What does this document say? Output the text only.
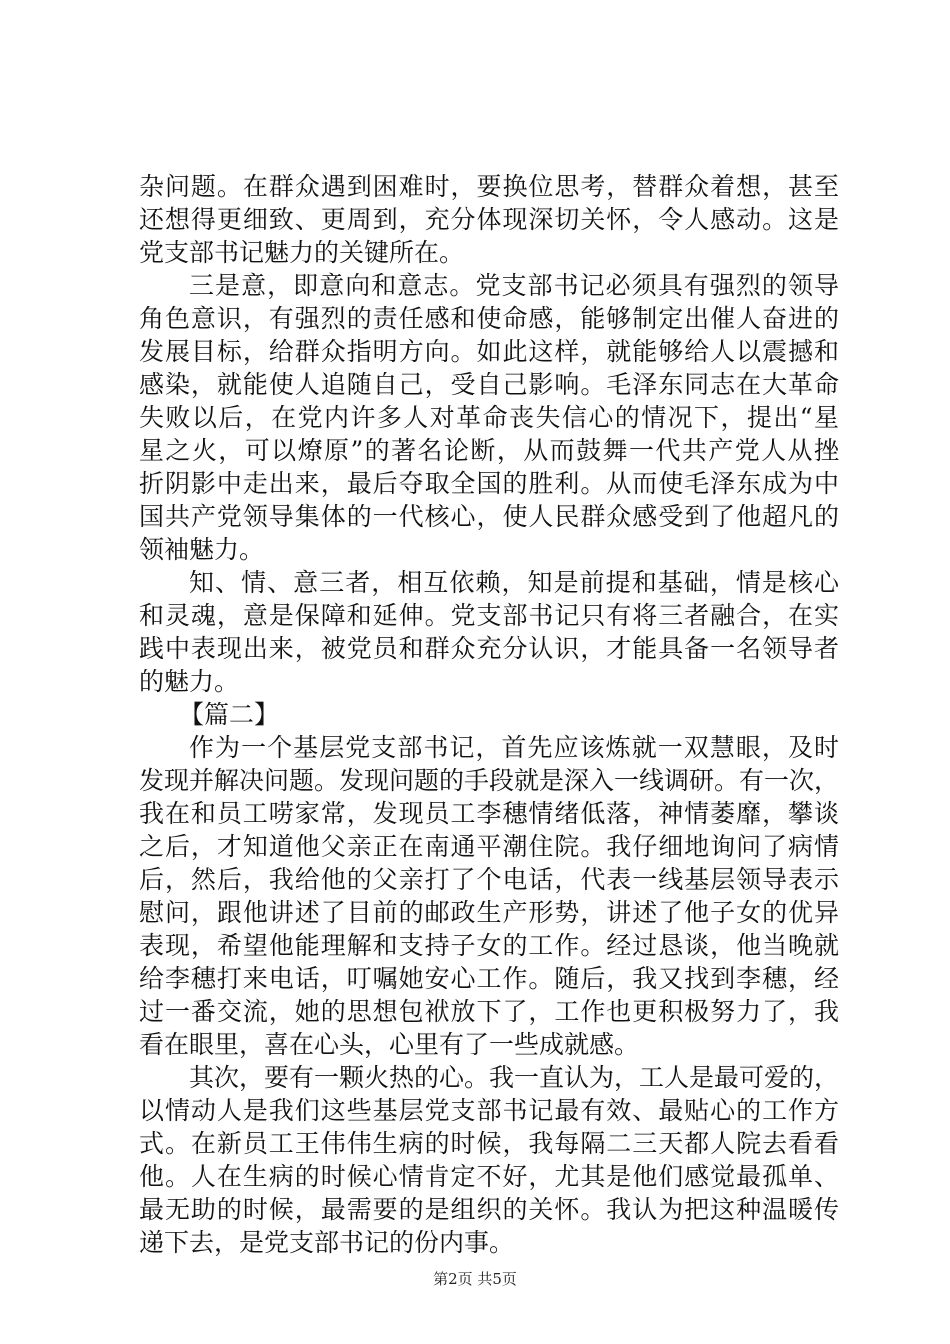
杂问题。在群众遇到困难时，要换位思考，替群众着想，甚至
还想得更细致、更周到，充分体现深切关怀，令人感动。这是
党支部书记魅力的关键所在。
三是意，即意向和意志。党支部书记必须具有强烈的领导
角色意识，有强烈的责任感和使命感，能够制定出催人奋进的
发展目标，给群众指明方向。如此这样，就能够给人以震撼和
感染，就能使人追随自己，受自己影响。毛泽东同志在大革命
失败以后，在党内许多人对革命丧失信心的情况下，提出“星
星之火，可以燎原”的著名论断，从而鼓舞一代共产党人从挫
折阴影中走出来，最后夺取全国的胜利。从而使毛泽东成为中
国共产党领导集体的一代核心，使人民群众感受到了他超凡的
领袖魅力。
知、情、意三者，相互依赖，知是前提和基础，情是核心
和灵魂，意是保障和延伸。党支部书记只有将三者融合，在实
践中表现出来，被党员和群众充分认识，才能具备一名领导者
的魅力。
【篇二】
作为一个基层党支部书记，首先应该炼就一双慧眼，及时
发现并解决问题。发现问题的手段就是深入一线调研。有一次，
我在和员工唠家常，发现员工李穗情绪低落，神情萎靡，攀谈
之后，才知道他父亲正在南通平潮住院。我仔细地询问了病情
后，然后，我给他的父亲打了个电话，代表一线基层领导表示
慰问，跟他讲述了目前的邮政生产形势，讲述了他子女的优异
表现，希望他能理解和支持子女的工作。经过恳谈，他当晚就
给李穗打来电话，叮嘱她安心工作。随后，我又找到李穗，经
过一番交流，她的思想包袱放下了，工作也更积极努力了，我
看在眼里，喜在心头，心里有了一些成就感。
其次，要有一颗火热的心。我一直认为，工人是最可爱的，
以情动人是我们这些基层党支部书记最有效、最贴心的工作方
式。在新员工王伟伟生病的时候，我每隔二三天都人院去看看
他。人在生病的时候心情肯定不好，尤其是他们感觉最孤单、
最无助的时候，最需要的是组织的关怀。我认为把这种温暖传
递下去，是党支部书记的份内事。
第2页 共5页
